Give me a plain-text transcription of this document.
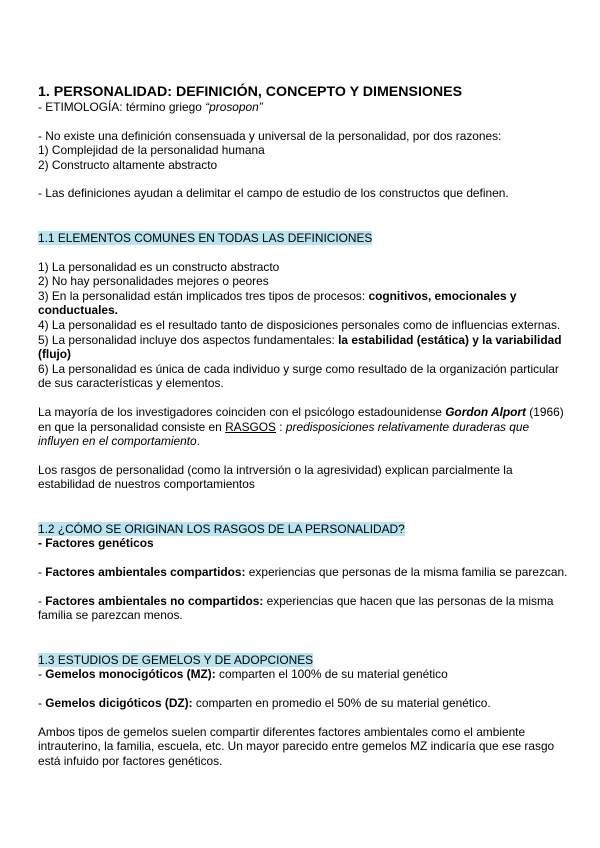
1. PERSONALIDAD: DEFINICIÓN, CONCEPTO Y DIMENSIONES

- ETIMOLOGÍA: término griego “prosopon”

- No existe una definición consensuada y universal de la personalidad, por dos razones:

1) Complejidad de la personalidad humana

2) Constructo altamente abstracto

- Las definiciones ayudan a delimitar el campo de estudio de los constructos que definen.

1.1 ELEMENTOS COMUNES EN TODAS LAS DEFINICIONES

1) La personalidad es un constructo abstracto

2) No hay personalidades mejores o peores

3) En la personalidad están implicados tres tipos de procesos: cognitivos, emocionales y conductuales.

4) La personalidad es el resultado tanto de disposiciones personales como de influencias externas.

5) La personalidad incluye dos aspectos fundamentales: la estabilidad (estática) y la variabilidad (flujo)

6) La personalidad es única de cada individuo y surge como resultado de la organización particular de sus características y elementos.

La mayoría de los investigadores coinciden con el psicólogo estadounidense Gordon Alport (1966) en que la personalidad consiste en RASGOS : predisposiciones relativamente duraderas que influyen en el comportamiento.

Los rasgos de personalidad (como la intrversión o la agresividad) explican parcialmente la estabilidad de nuestros comportamientos

1.2 ¿CÓMO SE ORIGINAN LOS RASGOS DE LA PERSONALIDAD?

- Factores genéticos

- Factores ambientales compartidos: experiencias que personas de la misma familia se parezcan.

- Factores ambientales no compartidos: experiencias que hacen que las personas de la misma familia se parezcan menos.

1.3 ESTUDIOS DE GEMELOS Y DE ADOPCIONES

- Gemelos monocigóticos (MZ): comparten el 100% de su material genético

- Gemelos dicigóticos (DZ): comparten en promedio el 50% de su material genético.

Ambos tipos de gemelos suelen compartir diferentes factores ambientales como el ambiente intrauterino, la familia, escuela, etc. Un mayor parecido entre gemelos MZ indicaría que ese rasgo está infuido por factores genéticos.
